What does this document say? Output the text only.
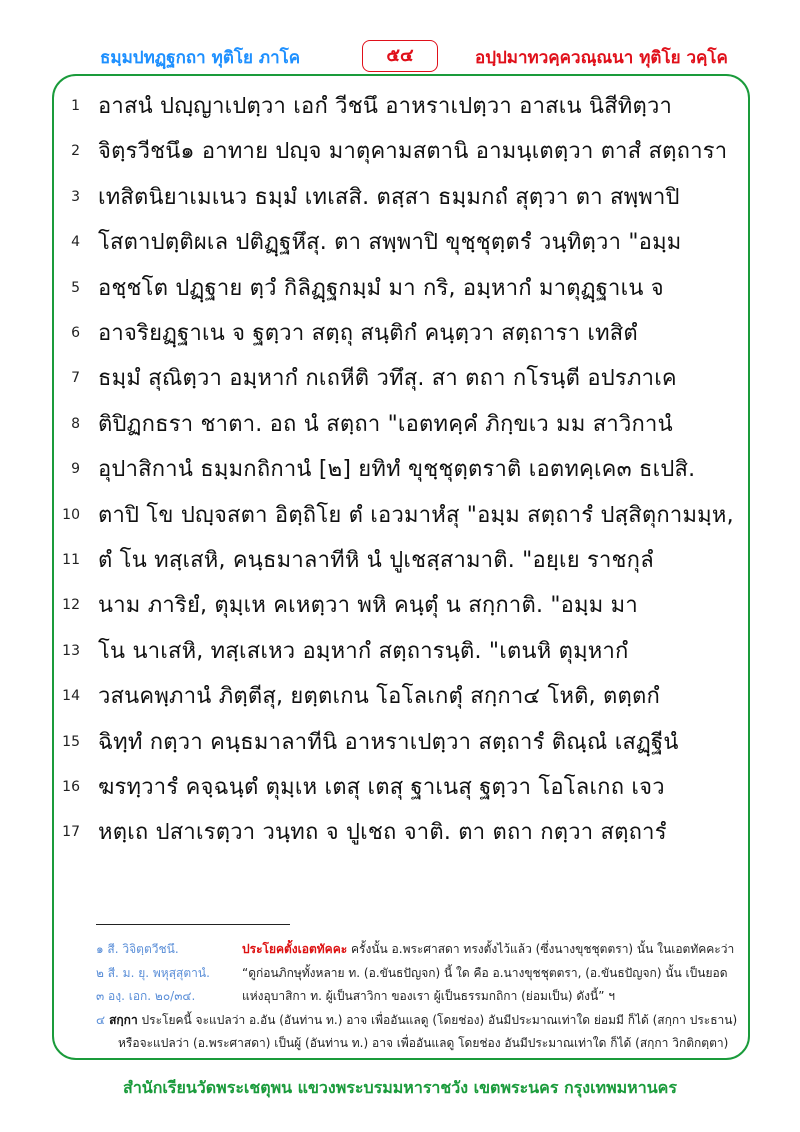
ธมฺมปทฏฺฐกถา ทุติโย ภาโค	๕๔	อปฺปมาทวคฺควณฺณนา ทุติโย วคฺโค
1 อาสนํ ปญฺญาเปตฺวา เอกํ วีชนึ อาหราเปตฺวา อาสเน นิสีทิตฺวา
2 จิตฺรวีชนึ๑ อาทาย ปญฺจ มาตุคามสตานิ อามนฺเตตฺวา ตาสํ สตฺถารา
3 เทสิตนิยาเมเนว ธมฺมํ เทเสสิ. ตสฺสา ธมฺมกถํ สุตฺวา ตา สพฺพาปิ
4 โสตาปตฺติผเล ปติฏฺฐหึสุ. ตา สพฺพาปิ ขุชฺชุตฺตรํ วนฺทิตฺวา "อมฺม
5 อชฺชโต ปฏฺฐาย ตฺวํ กิลิฏฺฐกมฺมํ มา กริ, อมฺหากํ มาตุฏฺฐาเน จ
6 อาจริยฏฺฐาเน จ ฐตฺวา สตฺถุ สนฺติกํ คนฺตฺวา สตฺถารา เทสิตํ
7 ธมฺมํ สุณิตฺวา อมฺหากํ กเถหีติ วทึสุ. สา ตถา กโรนฺตี อปรภาเค
8 ติปิฏกธรา ชาตา. อถ นํ สตฺถา "เอตทคฺคํ ภิกฺขเว มม สาวิกานํ
9 อุปาสิกานํ ธมฺมกถิกานํ [๒] ยทิทํ ขุชฺชุตฺตราติ เอตทคฺเค๓ ธเปสิ.
10 ตาปิ โข ปญฺจสตา อิตฺถิโย ตํ เอวมาหํสุ "อมฺม สตฺถารํ ปสฺสิตุกามมฺห,
11 ตํ โน ทสฺเสหิ, คนฺธมาลาทีหิ นํ ปูเชสฺสามาติ. "อยฺเย ราชกุลํ
12 นาม ภาริยํ, ตุมฺเห คเหตฺวา พหิ คนฺตุํ น สกฺกาติ. "อมฺม มา
13 โน นาเสหิ, ทสฺเสเหว อมฺหากํ สตฺถารนฺติ. "เตนหิ ตุมฺหากํ
14 วสนคพฺภานํ ภิตฺตีสุ, ยตฺตเกน โอโลเกตุํ สกฺกา๔ โหติ, ตตฺตกํ
15 ฉิทฺทํ กตฺวา คนฺธมาลาทีนิ อาหราเปตฺวา สตฺถารํ ติณฺณํ เสฏฺฐีนํ
16 ฆรทฺวารํ คจฺฉนฺตํ ตุมฺเห เตสุ เตสุ ฐาเนสุ ฐตฺวา โอโลเกถ เจว
17 หตฺเถ ปสาเรตฺวา วนฺทถ จ ปูเชถ จาติ. ตา ตถา กตฺวา สตฺถารํ
๑ สี. วิจิตฺตวีชนึ.	ประโยคตั้งเอตทัคคะ ครั้งนั้น อ.พระศาสดา ทรงตั้งไว้แล้ว (ซึ่งนางขุชชุตตรา) นั้น ในเอตทัคคะว่า
๒ สี. ม. ยุ. พหุสฺสุตานํ.	“ดูก่อนภิกษุทั้งหลาย ท. (อ.ขันธปัญจก) นี้ ใด คือ อ.นางขุชชุตตรา, (อ.ขันธปัญจก) นั้น เป็นยอด
๓ องฺ. เอก. ๒๐/๓๔.	แห่งอุบาสิกา ท. ผู้เป็นสาวิกา ของเรา ผู้เป็นธรรมกถิกา (ย่อมเป็น) ดังนี้” ฯ
๔ สกฺกา ประโยคนี้ จะแปลว่า อ.อัน (อันท่าน ท.) อาจ เพื่ออันแลดู (โดยช่อง) อันมีประมาณเท่าใด ย่อมมี ก็ได้ (สกฺกา ประธาน)
หรือจะแปลว่า (อ.พระศาสดา) เป็นผู้ (อันท่าน ท.) อาจ เพื่ออันแลดู โดยช่อง อันมีประมาณเท่าใด ก็ได้ (สกฺกา วิกติกตฺตา)
สำนักเรียนวัดพระเชตุพน แขวงพระบรมมหาราชวัง เขตพระนคร กรุงเทพมหานคร
